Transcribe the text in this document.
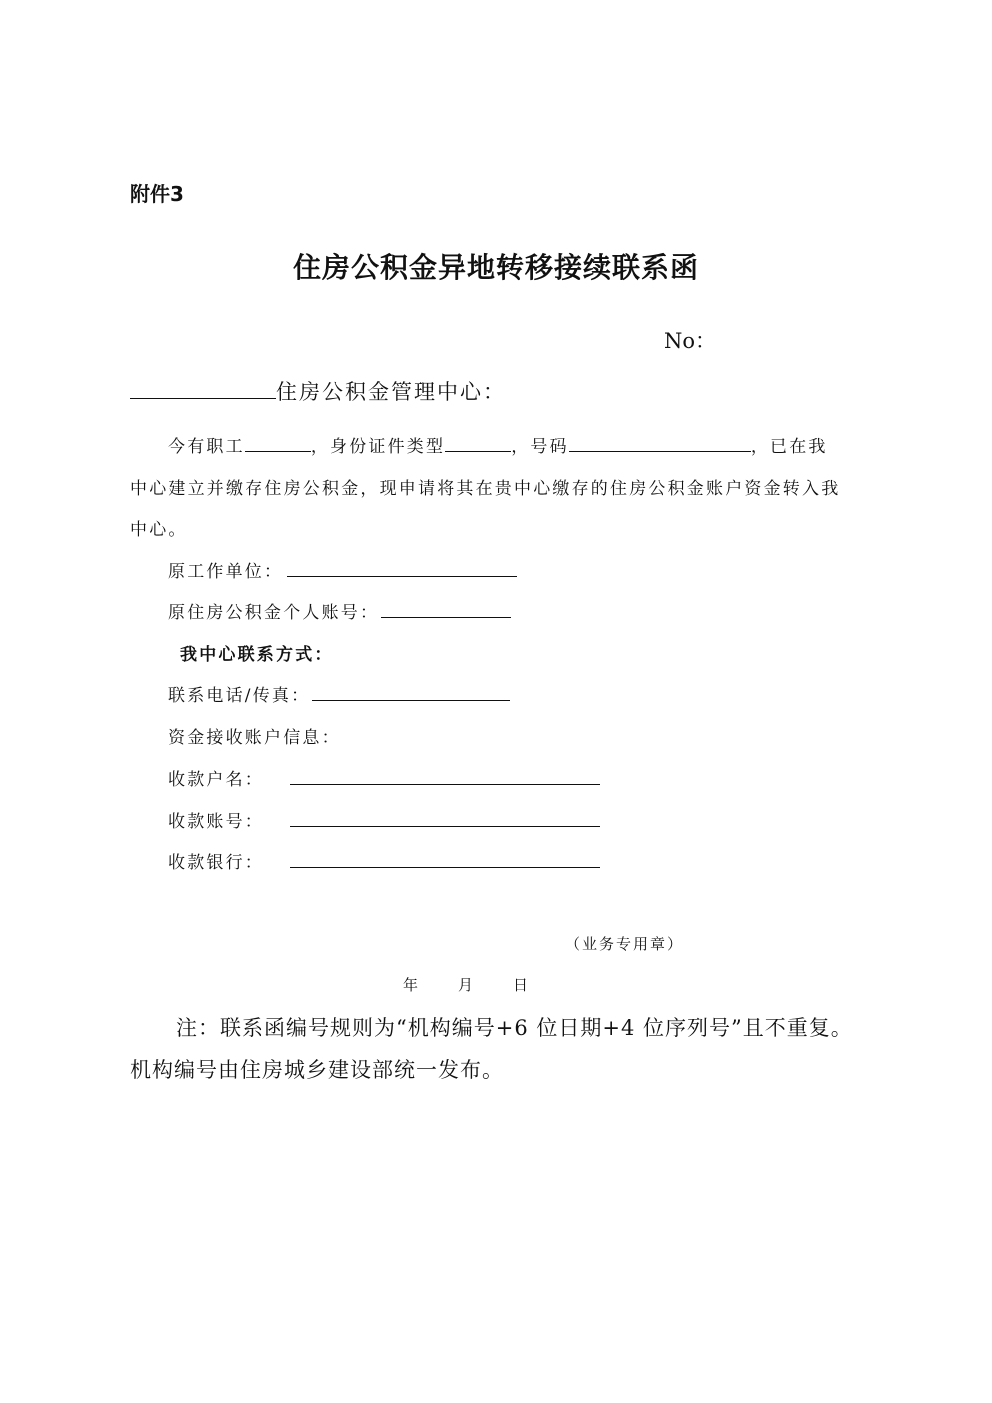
附件3
住房公积金异地转移接续联系函
No：
住房公积金管理中心：
今有职工	，身份证件类型	，号码	，已在我
中心建立并缴存住房公积金，现申请将其在贵中心缴存的住房公积金账户资金转入我
中心。
原工作单位：
原住房公积金个人账号：
我中心联系方式：
联系电话/传真：
资金接收账户信息：
收款户名：
收款账号：
收款银行：
（业务专用章）
年	月	日
注：联系函编号规则为“机构编号+6 位日期+4 位序列号”且不重复。
机构编号由住房城乡建设部统一发布。
